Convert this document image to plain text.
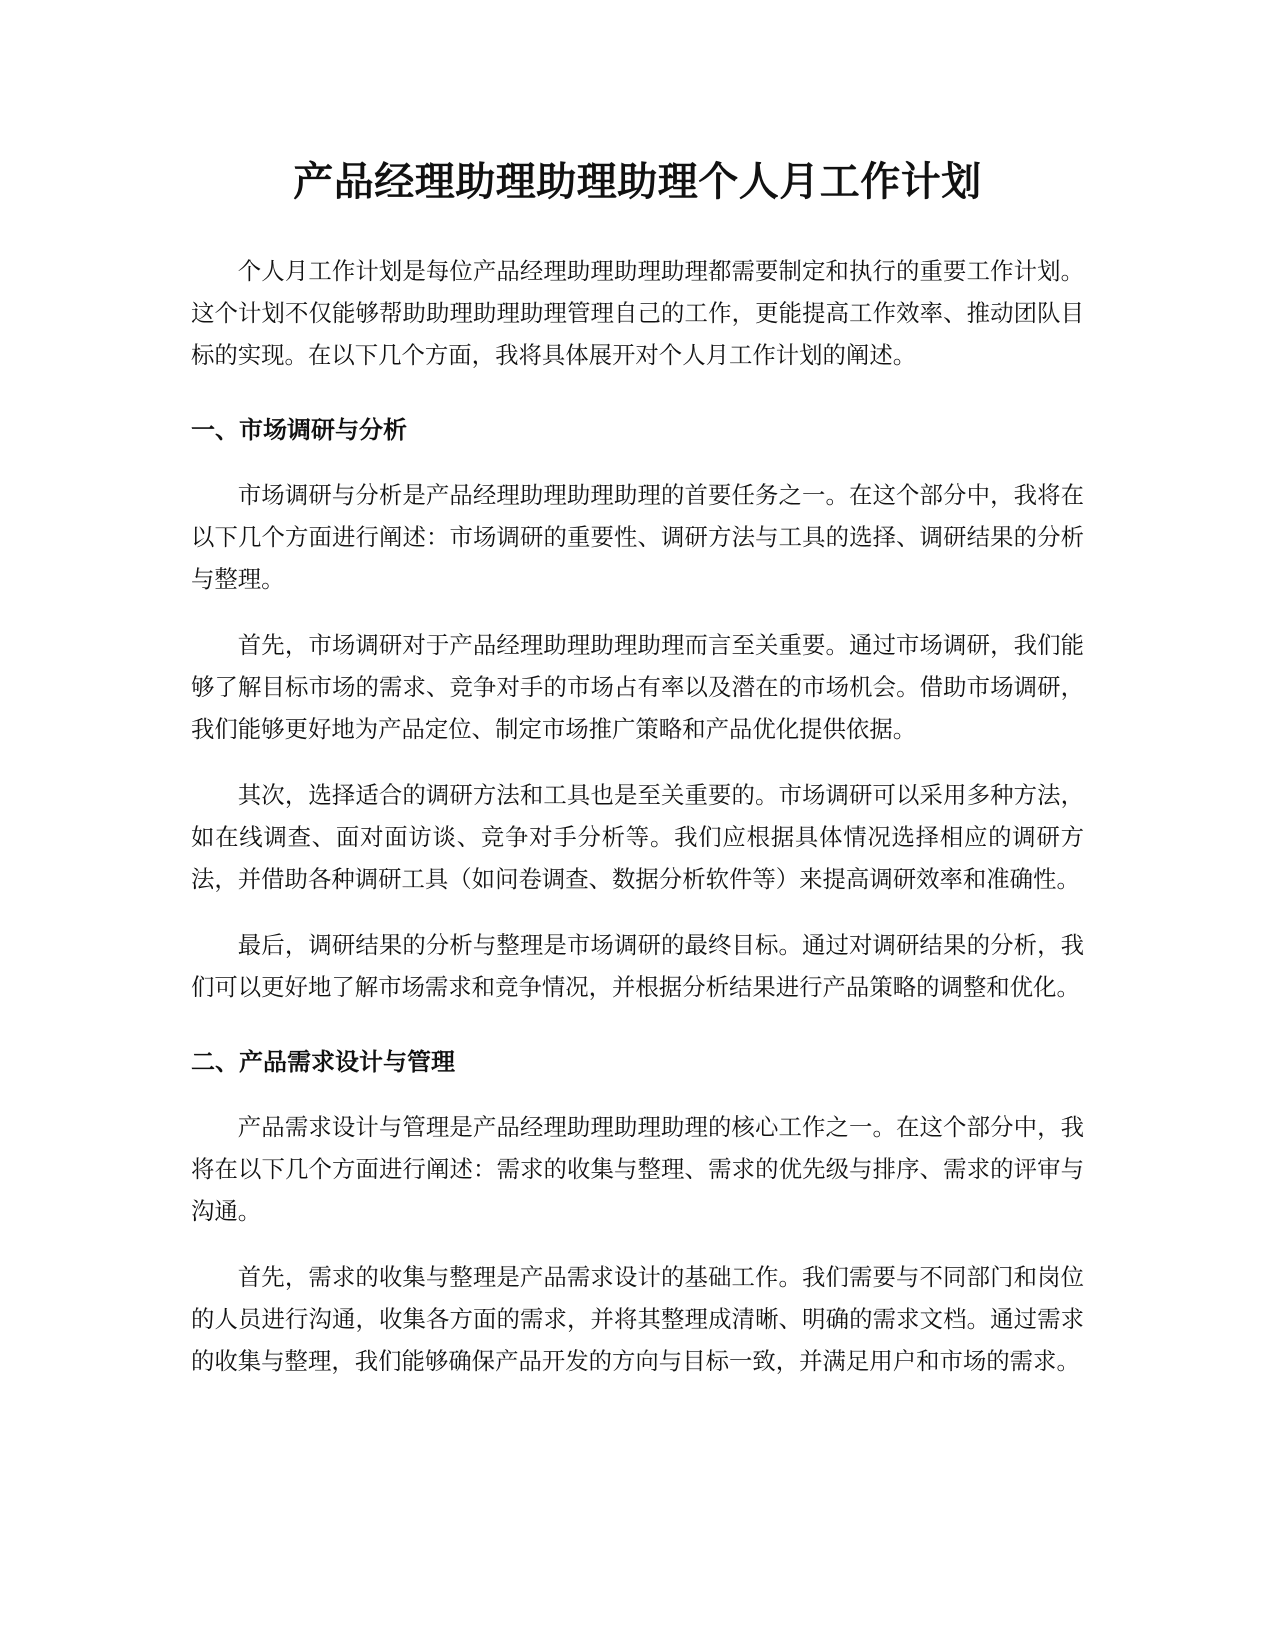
产品经理助理助理助理个人月工作计划

个人月工作计划是每位产品经理助理助理助理都需要制定和执行的重要工作计划。这个计划不仅能够帮助助理助理助理管理自己的工作，更能提高工作效率、推动团队目标的实现。在以下几个方面，我将具体展开对个人月工作计划的阐述。

一、市场调研与分析

市场调研与分析是产品经理助理助理助理的首要任务之一。在这个部分中，我将在以下几个方面进行阐述：市场调研的重要性、调研方法与工具的选择、调研结果的分析与整理。

首先，市场调研对于产品经理助理助理助理而言至关重要。通过市场调研，我们能够了解目标市场的需求、竞争对手的市场占有率以及潜在的市场机会。借助市场调研，我们能够更好地为产品定位、制定市场推广策略和产品优化提供依据。

其次，选择适合的调研方法和工具也是至关重要的。市场调研可以采用多种方法，如在线调查、面对面访谈、竞争对手分析等。我们应根据具体情况选择相应的调研方法，并借助各种调研工具（如问卷调查、数据分析软件等）来提高调研效率和准确性。

最后，调研结果的分析与整理是市场调研的最终目标。通过对调研结果的分析，我们可以更好地了解市场需求和竞争情况，并根据分析结果进行产品策略的调整和优化。

二、产品需求设计与管理

产品需求设计与管理是产品经理助理助理助理的核心工作之一。在这个部分中，我将在以下几个方面进行阐述：需求的收集与整理、需求的优先级与排序、需求的评审与沟通。

首先，需求的收集与整理是产品需求设计的基础工作。我们需要与不同部门和岗位的人员进行沟通，收集各方面的需求，并将其整理成清晰、明确的需求文档。通过需求的收集与整理，我们能够确保产品开发的方向与目标一致，并满足用户和市场的需求。
